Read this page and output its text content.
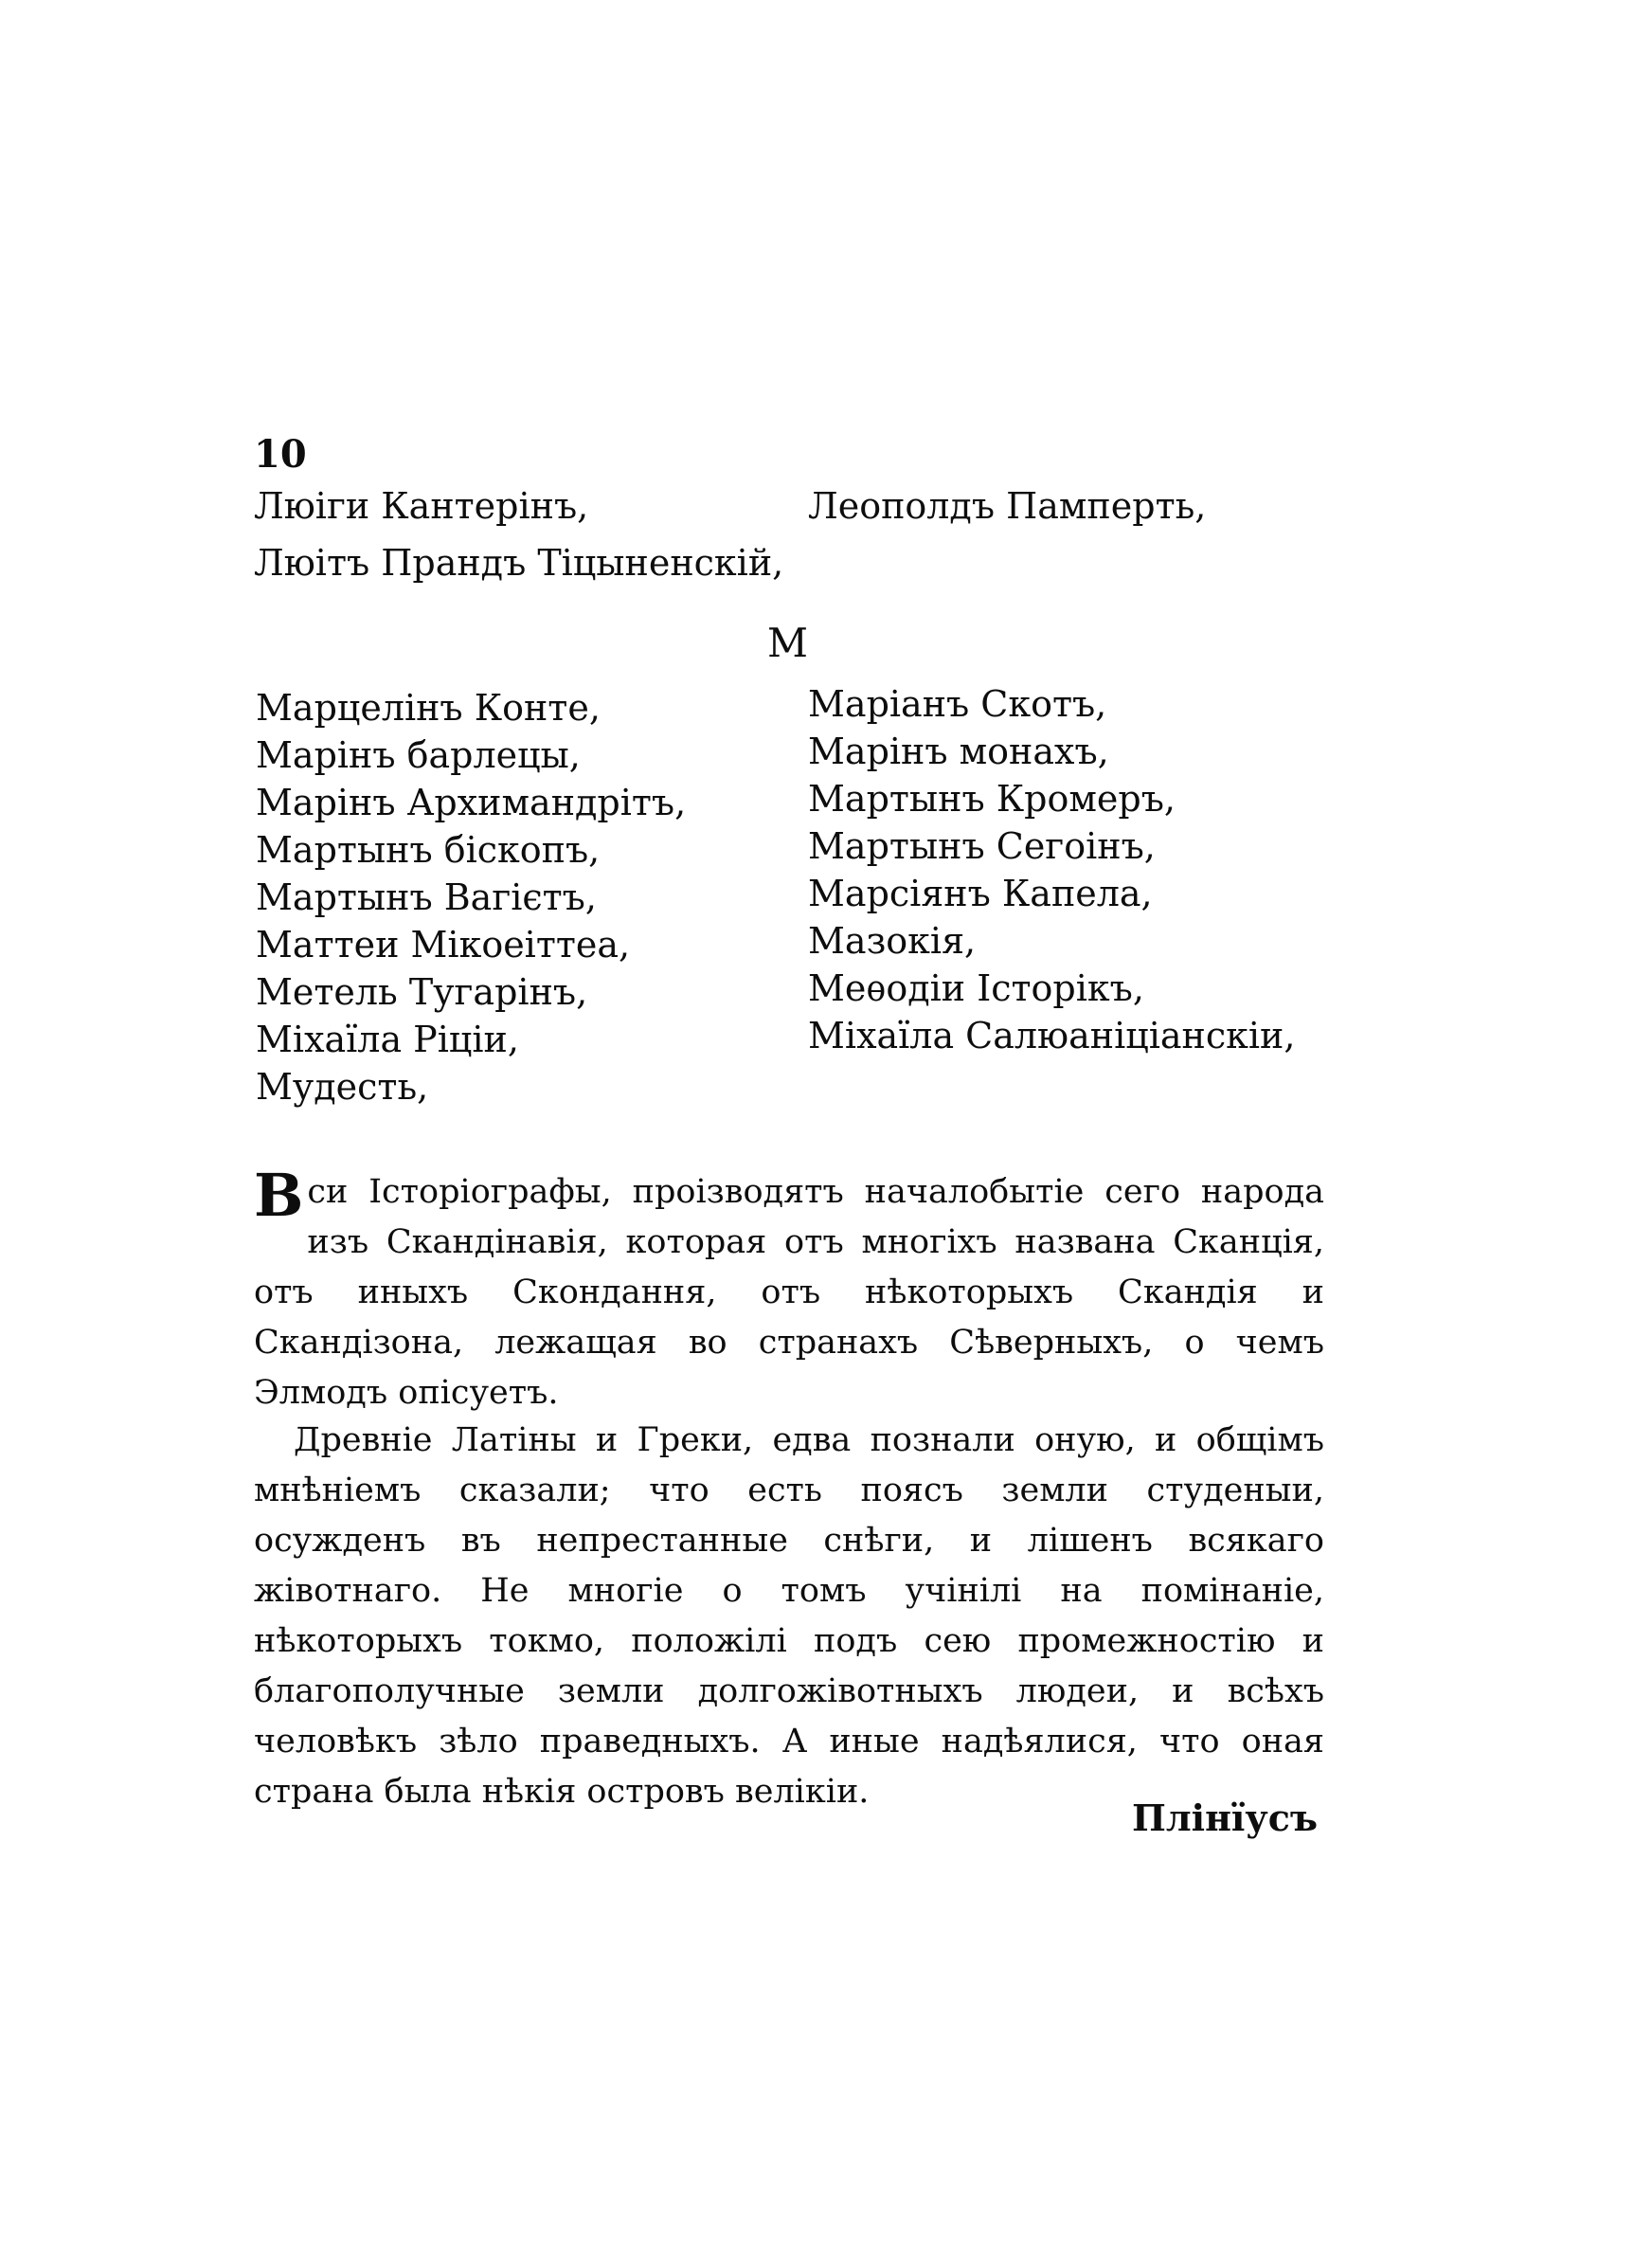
10
Люіги Кантерінъ,
Люітъ Прандъ Тіцыненскій,
Леополдъ Памперть,
М
Марцелінъ Конте,
Марінъ барлецы,
Марінъ Архимандрітъ,
Мартынъ біскопъ,
Мартынъ Вагієтъ,
Маттеи Мікоеіттеа,
Метель Тугарінъ,
Міхаїла Ріціи,
Мудесть,
Маріанъ Скотъ,
Марінъ монахъ,
Мартынъ Кромеръ,
Мартынъ Сегоінъ,
Марсіянъ Капела,
Мазокія,
Меѳодіи Історікъ,
Міхаїла Салюаніціанскіи,

Вси Історіографы, проізводятъ началобытіе сего народа изъ Скандінавія, которая отъ многіхъ названа Сканція, отъ иныхъ Скондання, отъ нѣкоторыхъ Скандія и Скандізона, лежащая во странахъ Сѣверныхъ, о чемъ Элмодъ опісуетъ.

Древніе Латіны и Греки, едва познали оную, и общімъ мнѣніемъ сказали; что есть поясъ земли студеныи, осужденъ въ непрестанные снѣги, и лішенъ всякаго жівотнаго. Не многіе о томъ учінілі на помінаніе, нѣкоторыхъ токмо, положілі подъ сею промежностію и благополучные земли долгожівотныхъ людеи, и всѣхъ человѣкъ зѣло праведныхъ. А иные надѣялися, что оная страна была нѣкія островъ велікіи.

Плінїусъ
